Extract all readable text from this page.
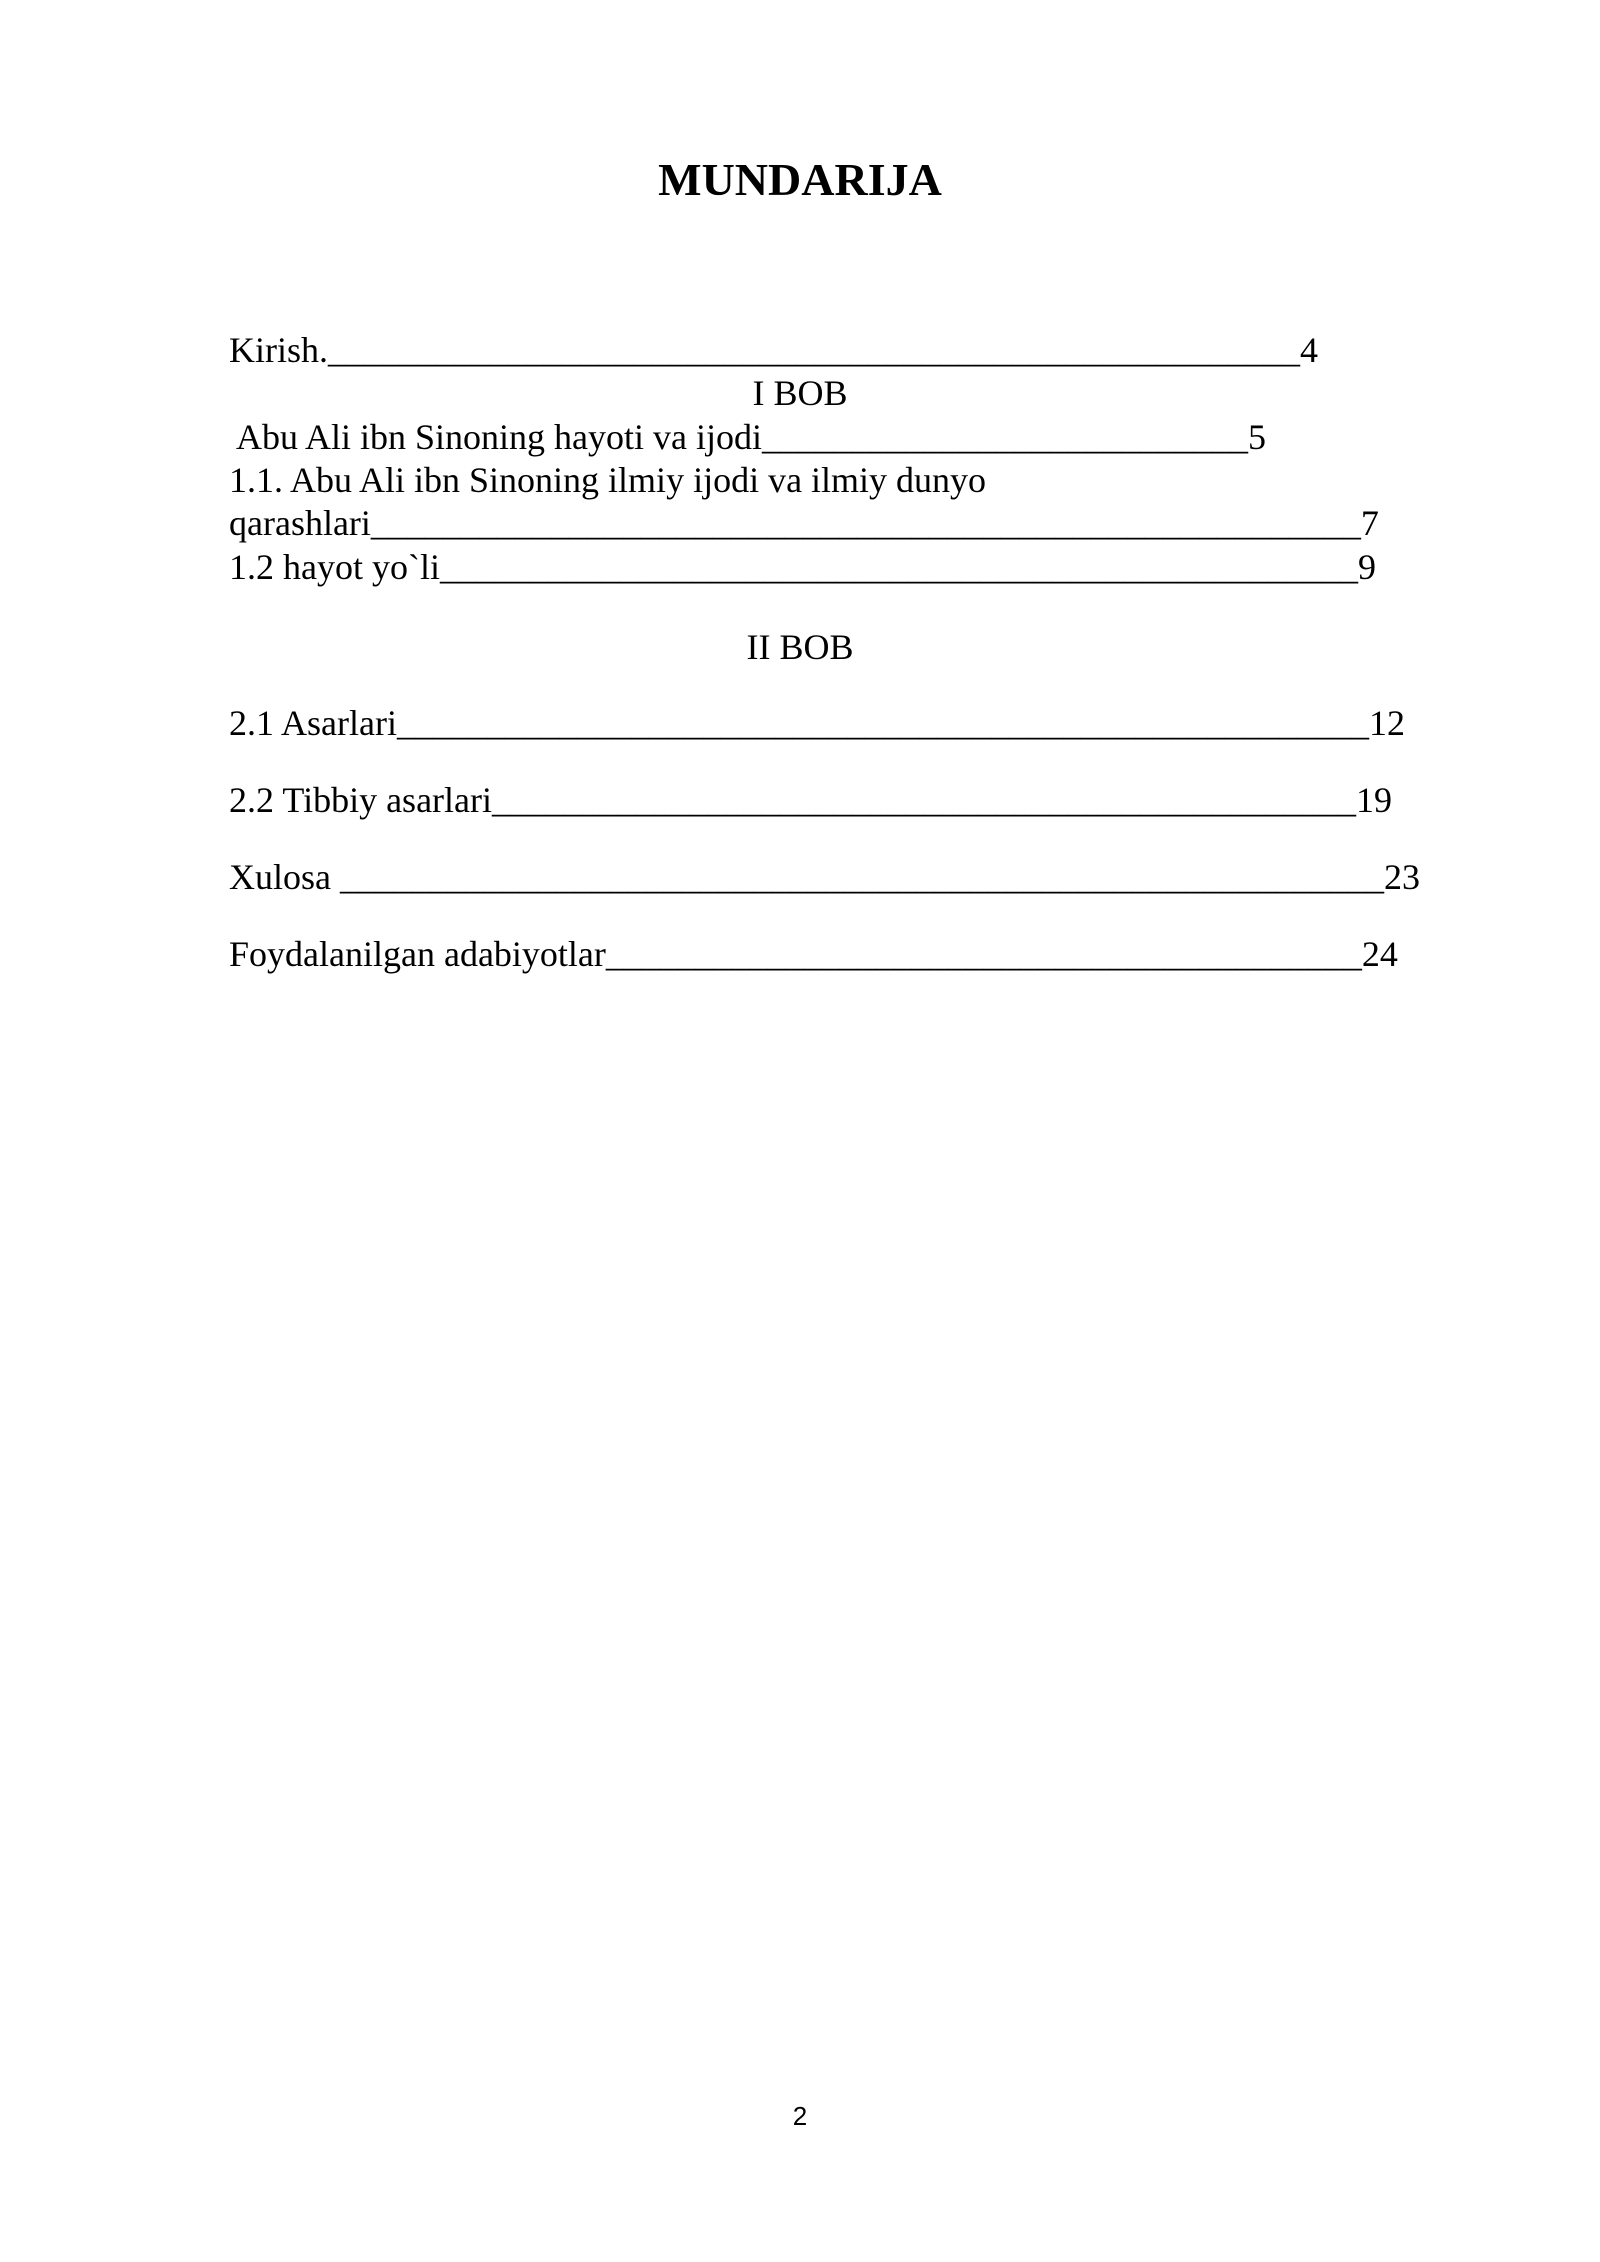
MUNDARIJA
Kirish.______________________________________________________4
I BOB
Abu Ali ibn Sinoning hayoti va ijodi___________________________5
1.1. Abu Ali ibn Sinoning ilmiy ijodi va ilmiy dunyo
qarashlari_______________________________________________________7
1.2 hayot yo`li___________________________________________________9
II BOB
2.1 Asarlari______________________________________________________12
2.2 Tibbiy asarlari________________________________________________19
Xulosa __________________________________________________________23
Foydalanilgan adabiyotlar__________________________________________24
2
